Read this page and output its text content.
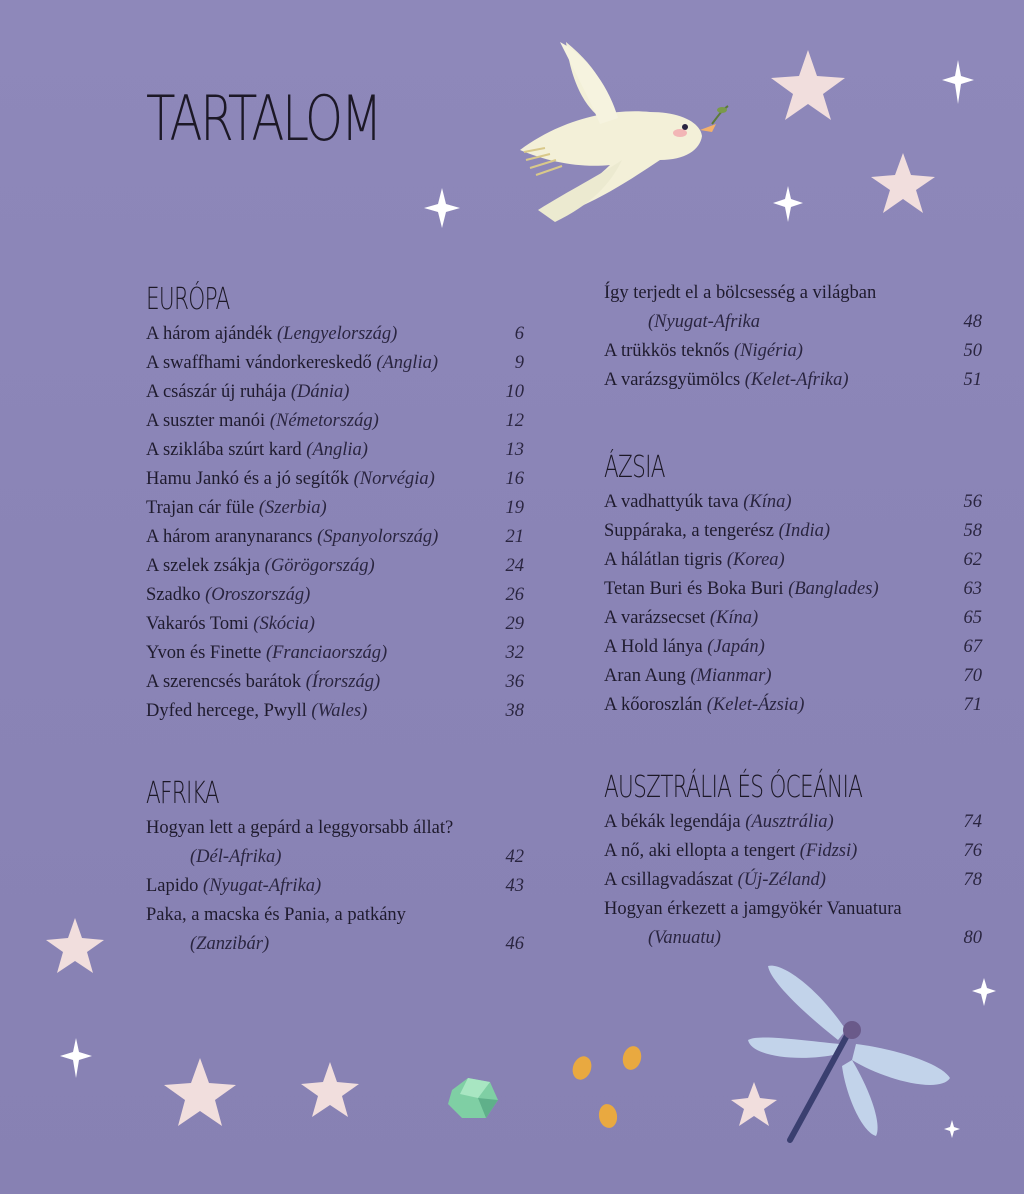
TARTALOM
EURÓPA
A három ajándék (Lengyelország)	6
A swaffhami vándorkereskedő (Anglia)	9
A császár új ruhája (Dánia)	10
A suszter manói (Németország)	12
A sziklába szúrt kard (Anglia)	13
Hamu Jankó és a jó segítők (Norvégia)	16
Trajan cár füle (Szerbia)	19
A három aranynarancs (Spanyolország)	21
A szelek zsákja (Görögország)	24
Szadko (Oroszország)	26
Vakarós Tomi (Skócia)	29
Yvon és Finette (Franciaország)	32
A szerencsés barátok (Írország)	36
Dyfed hercege, Pwyll (Wales)	38
AFRIKA
Hogyan lett a gepárd a leggyorsabb állat?
(Dél-Afrika)	42
Lapido (Nyugat-Afrika)	43
Paka, a macska és Pania, a patkány
(Zanzibár)	46
Így terjedt el a bölcsesség a világban
(Nyugat-Afrika	48
A trükkös teknős (Nigéria)	50
A varázsgyümölcs (Kelet-Afrika)	51
ÁZSIA
A vadhattyúk tava (Kína)	56
Suppáraka, a tengerész (India)	58
A hálátlan tigris (Korea)	62
Tetan Buri és Boka Buri (Banglades)	63
A varázsecset (Kína)	65
A Hold lánya (Japán)	67
Aran Aung (Mianmar)	70
A kőoroszlán (Kelet-Ázsia)	71
AUSZTRÁLIA ÉS ÓCEÁNIA
A békák legendája (Ausztrália)	74
A nő, aki ellopta a tengert (Fidzsi)	76
A csillagvadászat (Új-Zéland)	78
Hogyan érkezett a jamgyökér Vanuatura
(Vanuatu)	80
